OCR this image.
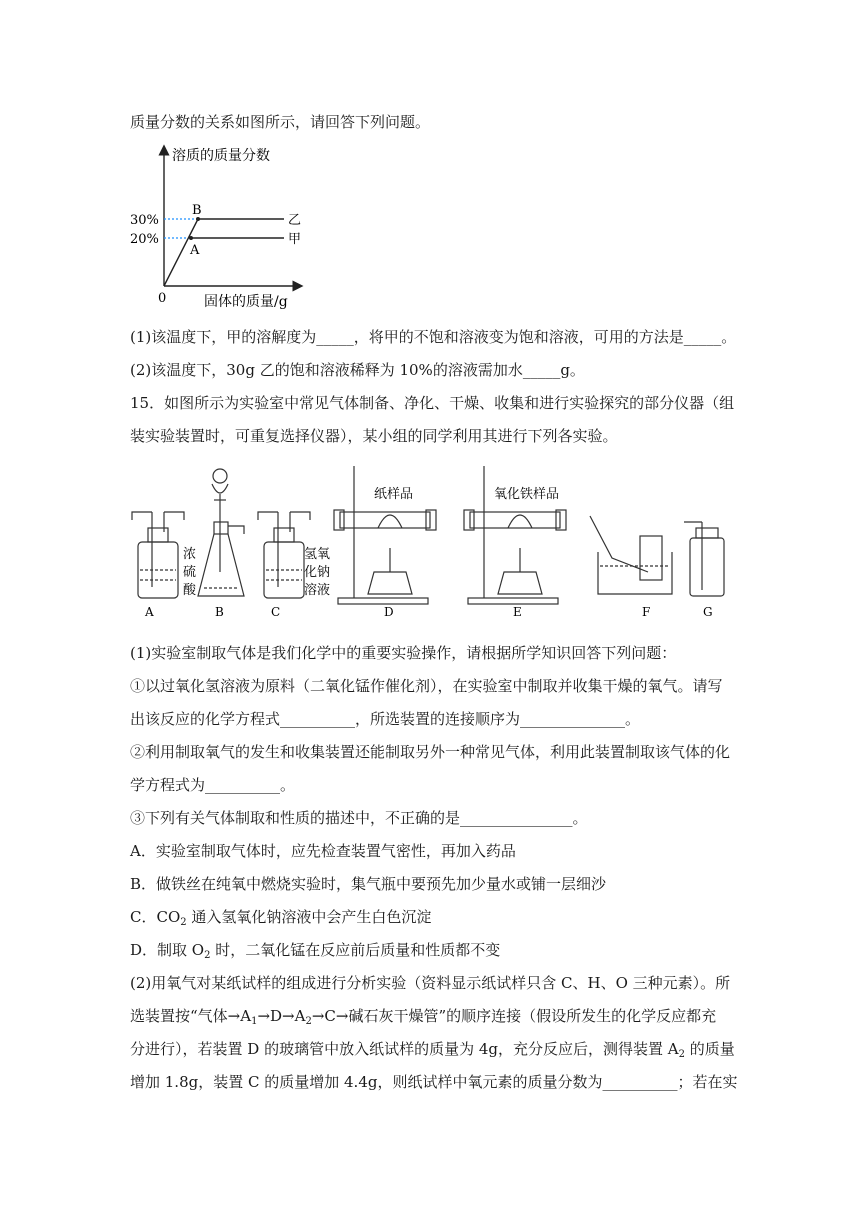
质量分数的关系如图所示，请回答下列问题。
溶质的质量分数
固体的质量/g
0
30%
20%
B
A
乙
甲
(1)该温度下，甲的溶解度为_____，将甲的不饱和溶液变为饱和溶液，可用的方法是_____。
(2)该温度下，30g 乙的饱和溶液稀释为 10%的溶液需加水_____g。
15．如图所示为实验室中常见气体制备、净化、干燥、收集和进行实验探究的部分仪器（组
装实验装置时，可重复选择仪器），某小组的同学利用其进行下列各实验。
A	B	C	D	E	F	G
浓
硫
酸
氢氧
化钠
溶液
纸样品	氧化铁样品
(1)实验室制取气体是我们化学中的重要实验操作，请根据所学知识回答下列问题：
①以过氧化氢溶液为原料（二氧化锰作催化剂），在实验室中制取并收集干燥的氧气。请写
出该反应的化学方程式__________，所选装置的连接顺序为______________。
②利用制取氧气的发生和收集装置还能制取另外一种常见气体，利用此装置制取该气体的化
学方程式为__________。
③下列有关气体制取和性质的描述中，不正确的是_______________。
A．实验室制取气体时，应先检查装置气密性，再加入药品
B．做铁丝在纯氧中燃烧实验时，集气瓶中要预先加少量水或铺一层细沙
C．$CO_2$ 通入氢氧化钠溶液中会产生白色沉淀
D．制取 $O_2$ 时，二氧化锰在反应前后质量和性质都不变
(2)用氧气对某纸试样的组成进行分析实验（资料显示纸试样只含 C、H、O 三种元素）。所
选装置按“气体$\to A_1\to D\to A_2\to C\to$碱石灰干燥管”的顺序连接（假设所发生的化学反应都充
分进行），若装置 D 的玻璃管中放入纸试样的质量为 4g，充分反应后，测得装置 $A_2$ 的质量
增加 1.8g，装置 C 的质量增加 4.4g，则纸试样中氧元素的质量分数为__________；若在实
